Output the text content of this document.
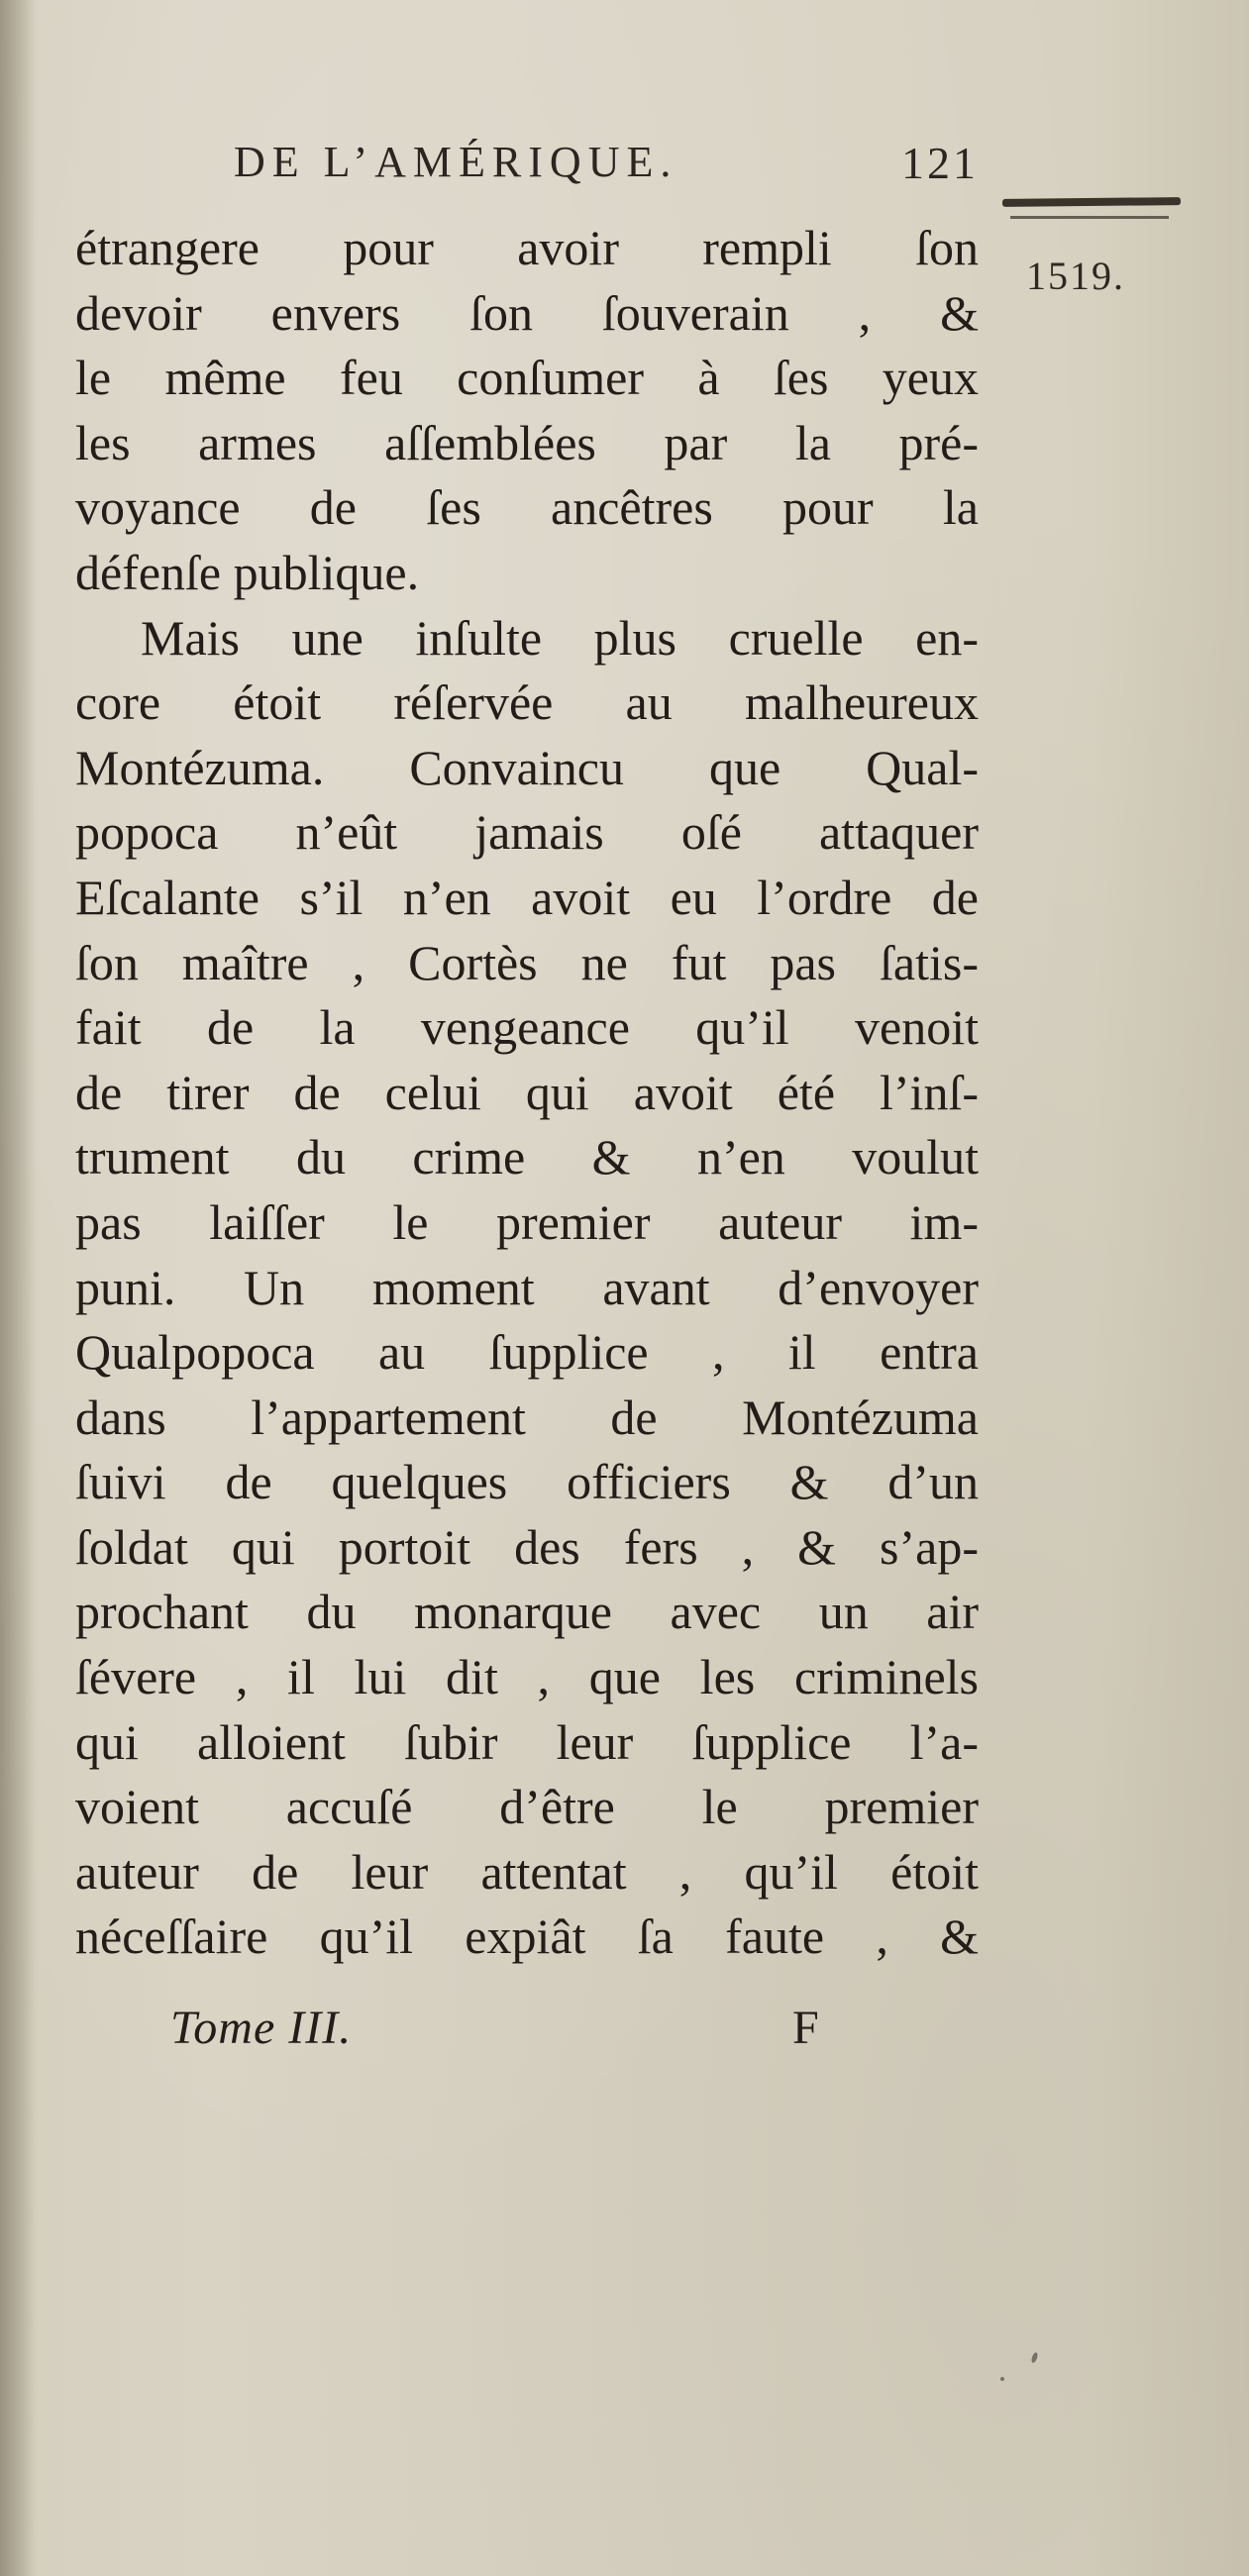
DE L’AMÉRIQUE.	121
1519.
étrangere pour avoir rempli ſon
devoir envers ſon ſouverain , &
le même feu conſumer à ſes yeux
les armes aſſemblées par la pré-
voyance de ſes ancêtres pour la
défenſe publique.
Mais une inſulte plus cruelle en-
core étoit réſervée au malheureux
Montézuma. Convaincu que Qual-
popoca n’eût jamais oſé attaquer
Eſcalante s’il n’en avoit eu l’ordre de
ſon maître , Cortès ne fut pas ſatis-
fait de la vengeance qu’il venoit
de tirer de celui qui avoit été l’inſ-
trument du crime & n’en voulut
pas laiſſer le premier auteur im-
puni. Un moment avant d’envoyer
Qualpopoca au ſupplice , il entra
dans l’appartement de Montézuma
ſuivi de quelques officiers & d’un
ſoldat qui portoit des fers , & s’ap-
prochant du monarque avec un air
ſévere , il lui dit , que les criminels
qui alloient ſubir leur ſupplice l’a-
voient accuſé d’être le premier
auteur de leur attentat , qu’il étoit
néceſſaire qu’il expiât ſa faute , &
Tome III.	F
